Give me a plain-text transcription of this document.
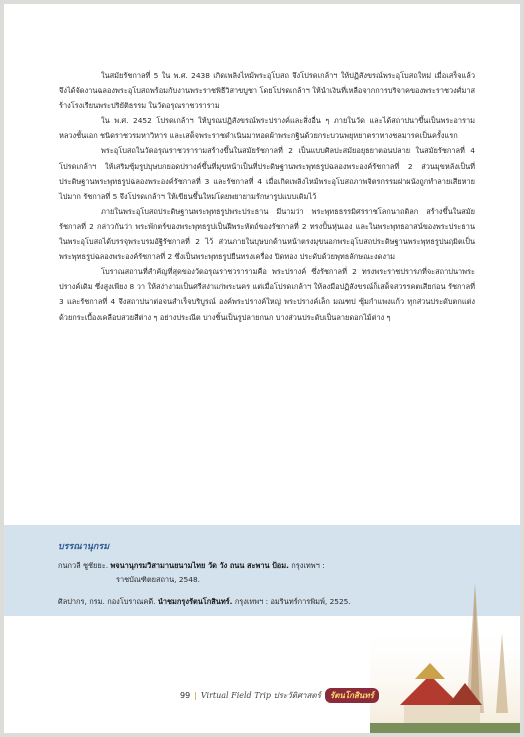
ในสมัยรัชกาลที่ 5 ใน พ.ศ. 2438 เกิดเพลิงไหม้พระอุโบสถ จึงโปรดเกล้าฯ ให้ปฏิสังขรณ์พระอุโบสถใหม่ เมื่อเสร็จแล้วจึงได้จัดงานฉลองพระอุโบสถพร้อมกับงานพระราชพิธีวิสาขบูชา โดยโปรดเกล้าฯ ให้นำเงินที่เหลือจากการบริจาคของพระราชวงศ์มาสร้างโรงเรียนพระปริยัติธรรม ในวัดอรุณราชวราราม

ใน พ.ศ. 2452 โปรดเกล้าฯ ให้บูรณปฏิสังขรณ์พระปรางค์และสิ่งอื่น ๆ ภายในวัด และได้สถาปนาขึ้นเป็นพระอารามหลวงชั้นเอก ชนิดราชวรมหาวิหาร และเสด็จพระราชดำเนินมาทอดผ้าพระกฐินด้วยกระบวนพยุหยาตราทางชลมารคเป็นครั้งแรก

พระอุโบสถในวัดอรุณราชวรารามสร้างขึ้นในสมัยรัชกาลที่ 2 เป็นแบบศิลปะสมัยอยุธยาตอนปลาย ในสมัยรัชกาลที่ 4 โปรดเกล้าฯ ให้เสริมซุ้มรูปบุษบกยอดปรางค์ขึ้นที่มุขหน้าเป็นที่ประดิษฐานพระพุทธรูปฉลองพระองค์รัชกาลที่ 2 ส่วนมุขหลังเป็นที่ประดิษฐานพระพุทธรูปฉลองพระองค์รัชกาลที่ 3 และรัชกาลที่ 4 เมื่อเกิดเพลิงไหม้พระอุโบสถภาพจิตรกรรมฝาผนังถูกทำลายเสียหายไปมาก รัชกาลที่ 5 จึงโปรดเกล้าฯ ให้เขียนขึ้นใหม่โดยพยายามรักษารูปแบบเดิมไว้

ภายในพระอุโบสถประดิษฐานพระพุทธรูปพระประธาน มีนามว่า พระพุทธธรรมิศรราชโลกนาถดิลก สร้างขึ้นในสมัยรัชกาลที่ 2 กล่าวกันว่า พระพักตร์ของพระพุทธรูปเป็นฝีพระหัตถ์ของรัชกาลที่ 2 ทรงปั้นหุ่นเอง และในพระพุทธอาสน์ของพระประธานในพระอุโบสถได้บรรจุพระบรมอัฐิรัชกาลที่ 2 ไว้ ส่วนภายในบุษบกด้านหน้าตรงมุขนอกพระอุโบสถประดิษฐานพระพุทธรูปนฤมิตเป็นพระพุทธรูปฉลองพระองค์รัชกาลที่ 2 ซึ่งเป็นพระพุทธรูปยืนทรงเครื่อง ปิดทอง ประดับด้วยพุทธลักษณะงดงาม

โบราณสถานที่สำคัญที่สุดของวัดอรุณราชวรารามคือ พระปรางค์ ซึ่งรัชกาลที่ 2 ทรงพระราชปรารภที่จะสถาปนาพระปรางค์เดิม ซึ่งสูงเพียง 8 วา ให้สง่างามเป็นศรีสง่าแก่พระนคร แต่เมื่อโปรดเกล้าฯ ให้ลงมือปฏิสังขรณ์ก็เสด็จสวรรคตเสียก่อน รัชกาลที่ 3 และรัชกาลที่ 4 จึงสถาปนาต่อจนสำเร็จบริบูรณ์ องค์พระปรางค์ใหญ่ พระปรางค์เล็ก มณฑป ซุ้มกำแพงแก้ว ทุกส่วนประดับตกแต่งด้วยกระเบื้องเคลือบสวยสีต่าง ๆ อย่างประณีต บางชิ้นเป็นรูปลายกนก บางส่วนประดับเป็นลายดอกไม้ต่าง ๆ

บรรณานุกรม
กนกวลี ชูชัยยะ. พจนานุกรมวิสามานยนามไทย วัด วัง ถนน สะพาน ป้อม. กรุงเทพฯ :
ราชบัณฑิตยสถาน, 2548.
ศิลปากร, กรม. กองโบราณคดี. นำชมกรุงรัตนโกสินทร์. กรุงเทพฯ : อมรินทร์การพิมพ์, 2525.
99 | Virtual Field Trip ประวัติศาสตร์ รัตนโกสินทร์
